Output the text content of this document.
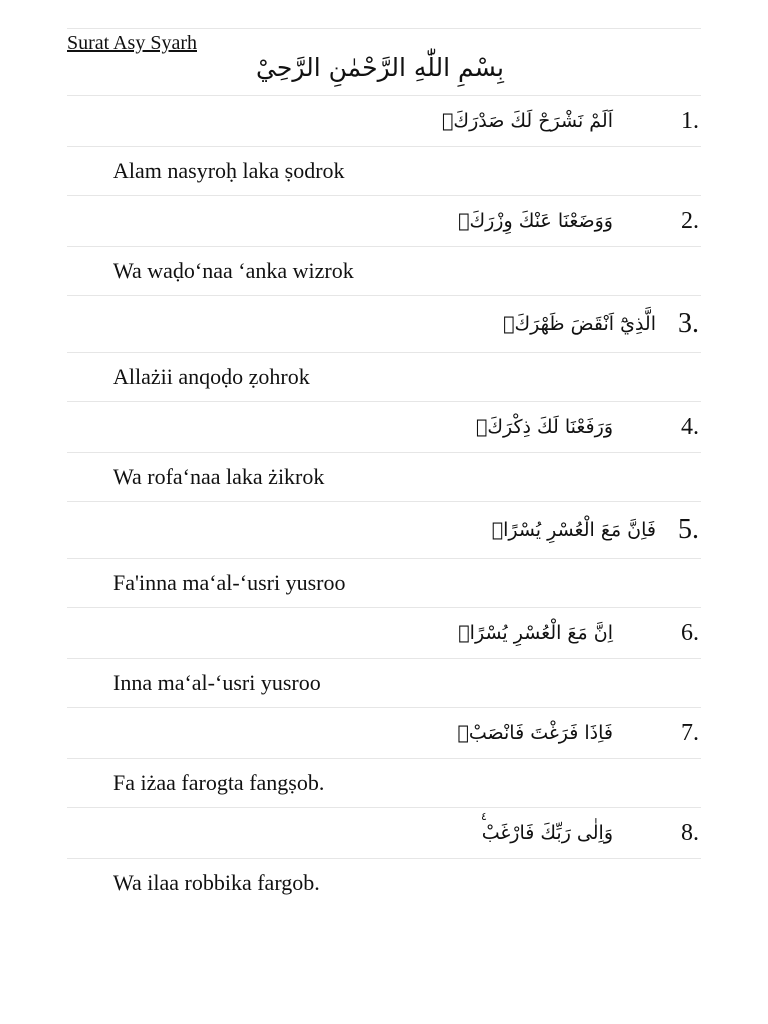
Surat Asy Syarh
بِسْمِ اللّٰهِ الرَّحْمٰنِ الرَّحِيْ
اَلَمْ نَشْرَحْ لَكَ صَدْرَكَۙ	1.
Alam nasyroḥ laka ṣodrok
وَوَضَعْنَا عَنْكَ وِزْرَكَۙ	2.
Wa waḍo‘naa ‘anka wizrok
الَّذِيْٓ اَنْقَضَ ظَهْرَكَۙ 3.
Allażii anqoḍo ẓohrok
وَرَفَعْنَا لَكَ ذِكْرَكَۗ	4.
Wa rofa‘naa laka żikrok
فَاِنَّ مَعَ الْعُسْرِ يُسْرًاۙ 5.
Fa'inna ma‘al-‘usri yusroo
اِنَّ مَعَ الْعُسْرِ يُسْرًاۗ	6.
Inna ma‘al-‘usri yusroo
فَاِذَا فَرَغْتَ فَانْصَبْۙ	7.
Fa iżaa farogta fangṣob.
٤
وَاِلٰى رَبِّكَ فَارْغَبْ	8.
Wa ilaa robbika fargob.
